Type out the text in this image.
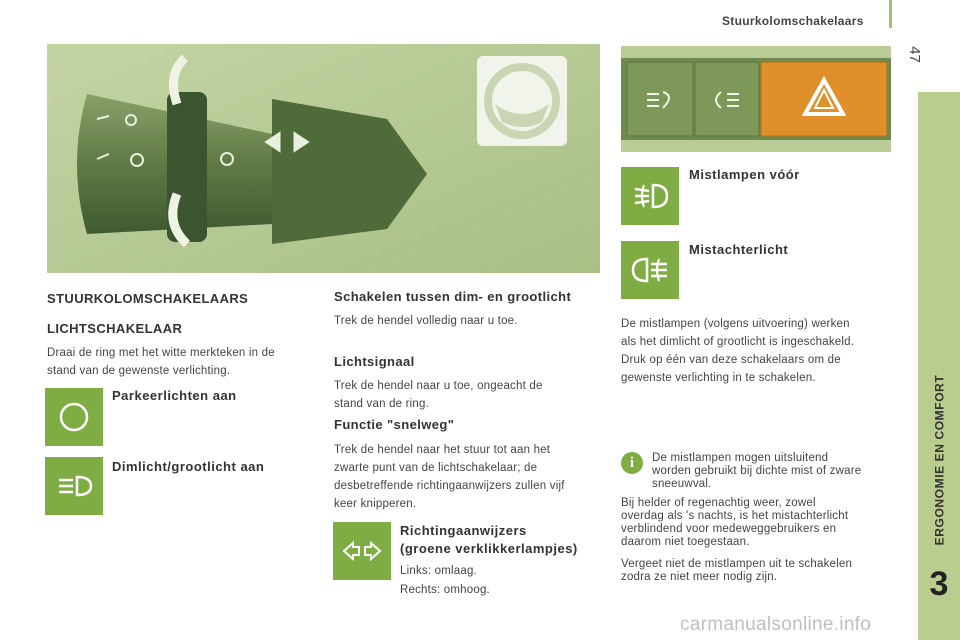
Stuurkolomschakelaars
47
ERGONOMIE EN COMFORT
3
STUURKOLOMSCHAKELAARS
LICHTSCHAKELAAR
Draai de ring met het witte merkteken in de
stand van de gewenste verlichting.
Parkeerlichten aan
Dimlicht/grootlicht aan
Schakelen tussen dim- en grootlicht
Trek de hendel volledig naar u toe.
Lichtsignaal
Trek de hendel naar u toe, ongeacht de
stand van de ring.
Functie "snelweg"
Trek de hendel naar het stuur tot aan het
zwarte punt van de lichtschakelaar; de
desbetreffende richtingaanwijzers zullen vijf
keer knipperen.
Richtingaanwijzers
(groene verklikkerlampjes)
Links: omlaag.
Rechts: omhoog.
Mistlampen vóór
Mistachterlicht
De mistlampen (volgens uitvoering) werken
als het dimlicht of grootlicht is ingeschakeld.
Druk op één van deze schakelaars om de
gewenste verlichting in te schakelen.
i De mistlampen mogen uitsluitend
worden gebruikt bij dichte mist of zware
sneeuwval.
Bij helder of regenachtig weer, zowel
overdag als 's nachts, is het mistachterlicht
verblindend voor medeweggebruikers en
daarom niet toegestaan.
Vergeet niet de mistlampen uit te schakelen
zodra ze niet meer nodig zijn.
carmanualsonline.info
